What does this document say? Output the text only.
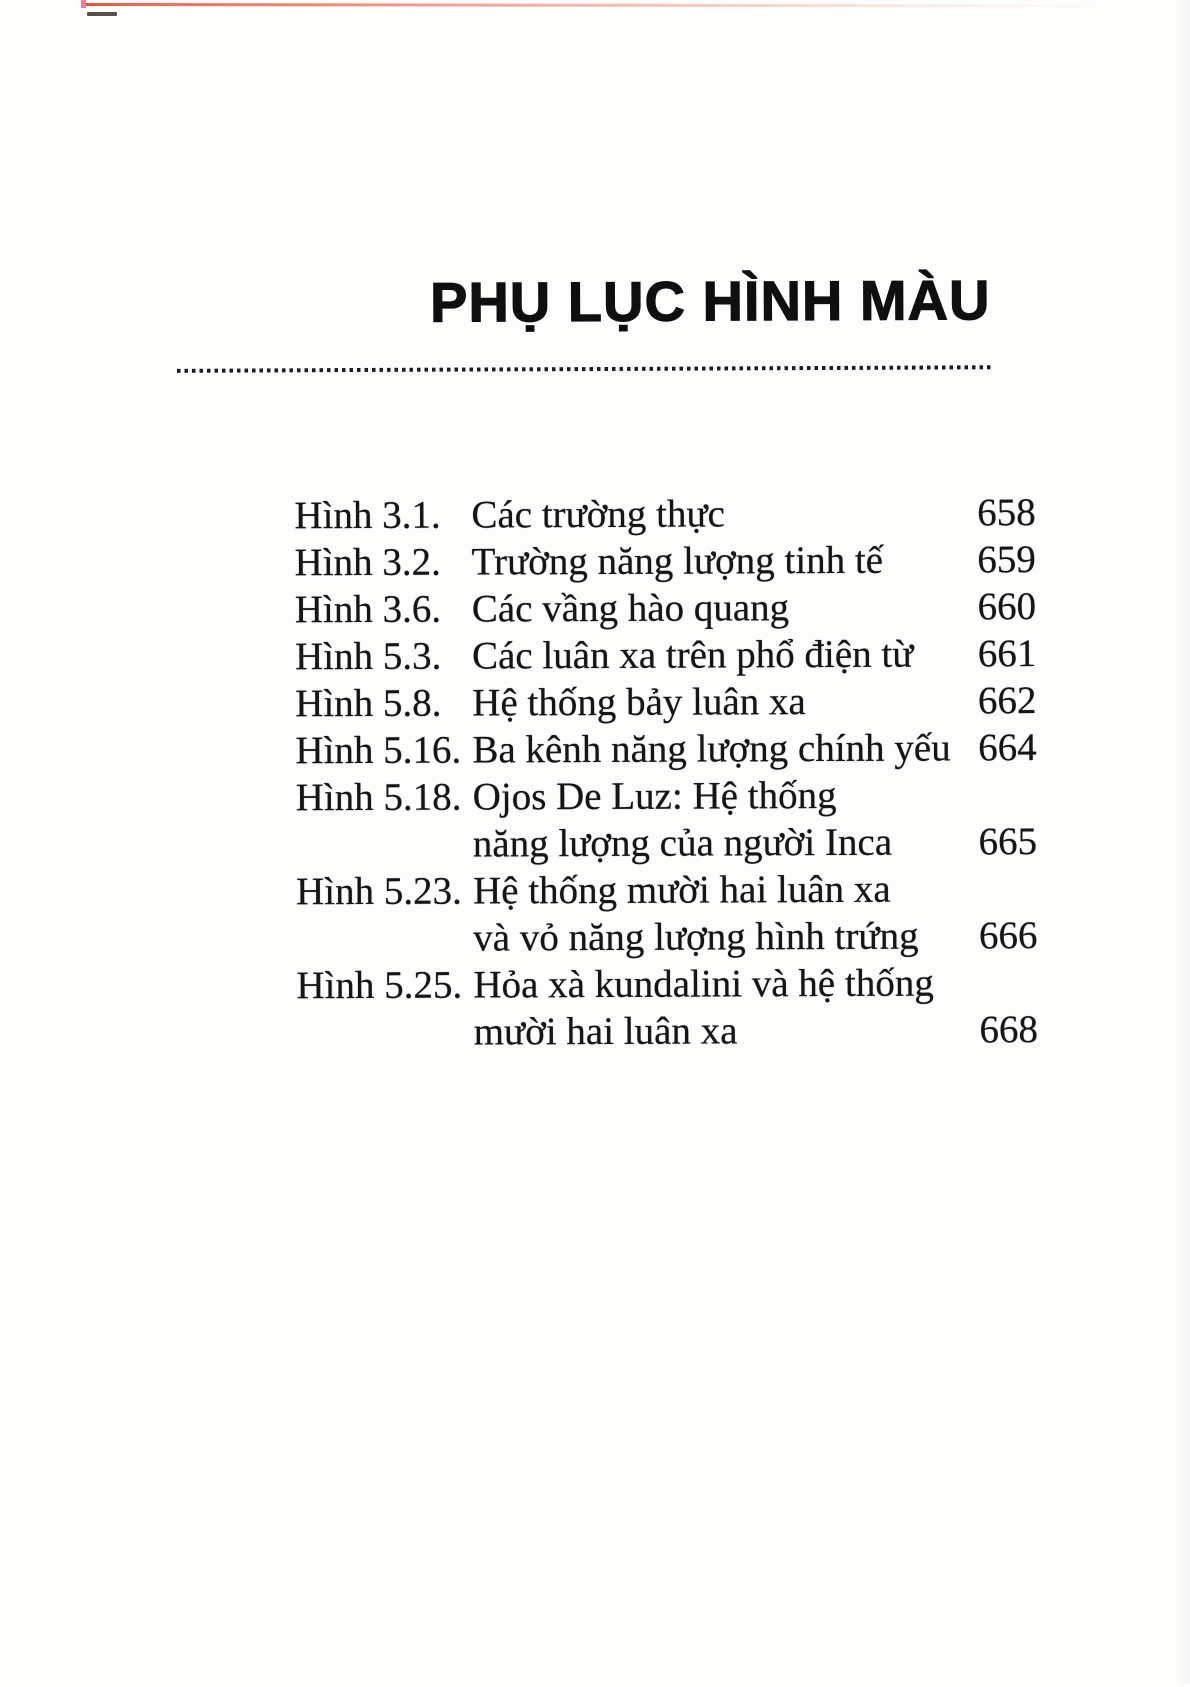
PHỤ LỤC HÌNH MÀU
Hình 3.1. Các trường thực	658
Hình 3.2. Trường năng lượng tinh tế	659
Hình 3.6. Các vầng hào quang	660
Hình 5.3. Các luân xa trên phổ điện từ	661
Hình 5.8. Hệ thống bảy luân xa	662
Hình 5.16. Ba kênh năng lượng chính yếu 664
Hình 5.18. Ojos De Luz: Hệ thống
năng lượng của người Inca	665
Hình 5.23. Hệ thống mười hai luân xa
và vỏ năng lượng hình trứng	666
Hình 5.25. Hỏa xà kundalini và hệ thống
mười hai luân xa	668
